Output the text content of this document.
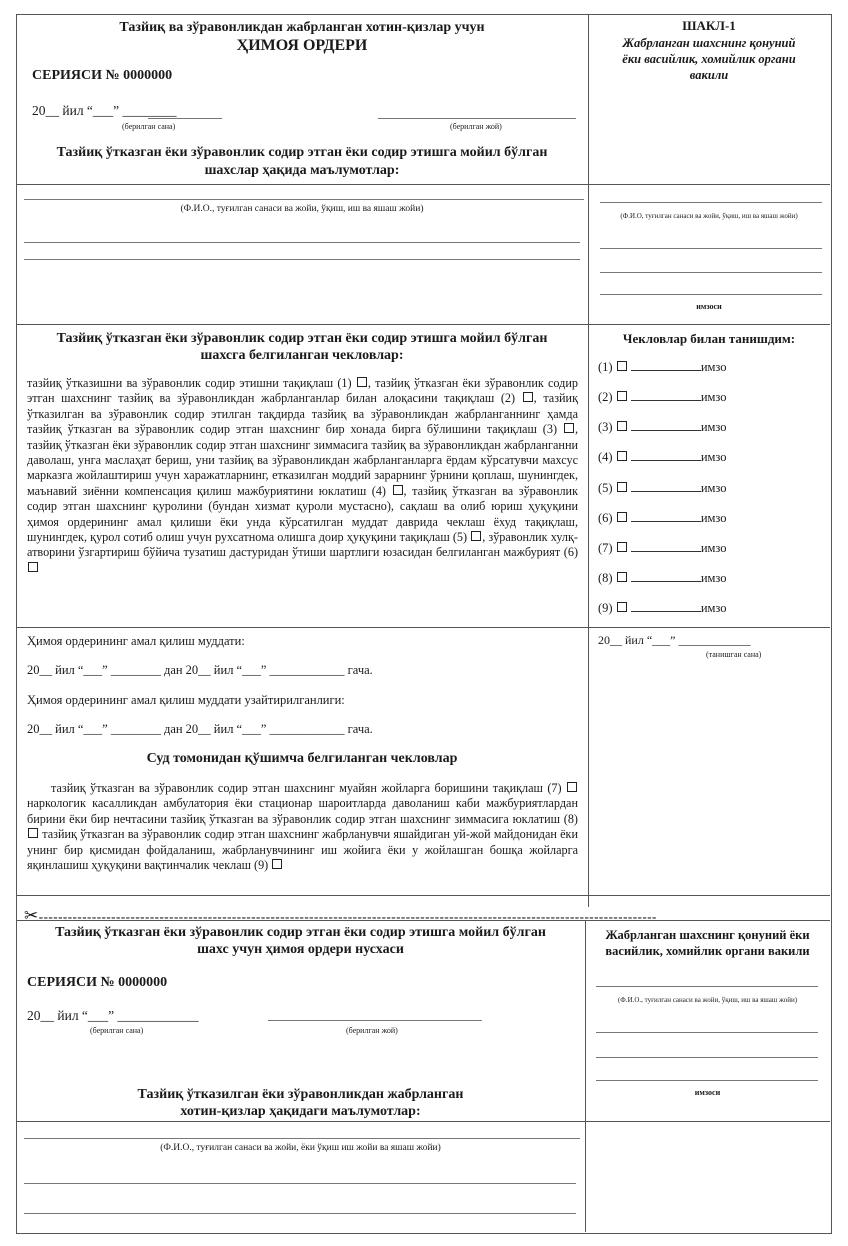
Тазйиқ ва зўравонликдан жабрланган хотин-қизлар учун
ҲИМОЯ ОРДЕРИ
СЕРИЯСИ № 0000000
20__ йил “___” ________
(берилган сана)	(берилган жой)
Тазйиқ ўтказган ёки зўравонлик содир этган ёки содир этишга мойил бўлган
шахслар ҳақида маълумотлар:
(Ф.И.О., туғилган санаси ва жойи, ўқиш, иш ва яшаш жойи)
ШАКЛ-1
Жабрланган шахснинг қонуний
ёки васийлик, хомийлик органи
вакили
(Ф.И.О, туғилган санаси ва жойи, ўқиш, иш ва яшаш жойи)
имзоси
Тазйиқ ўтказган ёки зўравонлик содир этган ёки содир этишга мойил бўлган
шахсга белгиланган чекловлар:
тазйиқ ўтказишни ва зўравонлик содир этишни тақиқлаш (1) , тазйиқ ўтказган ёки зўравонлик содир этган шахснинг тазйиқ ва зўравонликдан жабрланганлар билан алоқасини тақиқлаш (2) , тазйиқ ўтказилган ва зўравонлик содир этилган тақдирда тазйиқ ва зўравонликдан жабрланганнинг ҳамда тазйиқ ўтказган ва зўравонлик содир этган шахснинг бир хонада бирга бўлишини тақиқлаш (3) , тазйиқ ўтказган ёки зўравонлик содир этган шахснинг зиммасига тазйиқ ва зўравонликдан жабрланганни даволаш, унга маслаҳат бериш, уни тазйиқ ва зўравонликдан жабрланганларга ёрдам кўрсатувчи махсус марказга жойлаштириш учун харажатларнинг, етказилган моддий зарарнинг ўрнини қоплаш, шунингдек, маънавий зиённи компенсация қилиш мажбуриятини юклатиш (4) , тазйиқ ўтказган ва зўравонлик содир этган шахснинг қуролини (бундан хизмат қуроли мустасно), сақлаш ва олиб юриш ҳуқуқини ҳимоя ордерининг амал қилиши ёки унда кўрсатилган муддат даврида чеклаш ёхуд тақиқлаш, шунингдек, қурол сотиб олиш учун рухсатнома олишга доир ҳуқуқини тақиқлаш (5) , зўравонлик хулқ-атворини ўзгартириш бўйича тузатиш дастуридан ўтиши шартлиги юзасидан белгиланган мажбурият (6)
Чекловлар билан танишдим:
(1)	имзо
(2)	имзо
(3)	имзо
(4)	имзо
(5)	имзо
(6)	имзо
(7)	имзо
(8)	имзо
(9)	имзо
20__ йил “___” ____________
(танишган сана)
Ҳимоя ордерининг амал қилиш муддати:
20__ йил “___” ________ дан 20__ йил “___” ____________ гача.
Ҳимоя ордерининг амал қилиш муддати узайтирилганлиги:
20__ йил “___” ________ дан 20__ йил “___” ____________ гача.
Суд томонидан қўшимча белгиланган чекловлар
тазйиқ ўтказган ва зўравонлик содир этган шахснинг муайян жойларга боришини тақиқлаш (7)  наркологик касалликдан амбулатория ёки стационар шароитларда даволаниш каби мажбуриятлардан бирини ёки бир нечтасини тазйиқ ўтказган ва зўравонлик содир этган шахснинг зиммасига юклатиш (8)  тазйиқ ўтказган ва зўравонлик содир этган шахснинг жабрланувчи яшайдиган уй-жой майдонидан ёки унинг бир қисмидан фойдаланиш, жабрланувчининг иш жойига ёки у жойлашган бошқа жойларга яқинлашиш ҳуқуқини вақтинчалик чеклаш (9)
✂--------------------------------------------------------------------------------------------------------------------------------
Тазйиқ ўтказган ёки зўравонлик содир этган ёки содир этишга мойил бўлган
шахс учун ҳимоя ордери нусхаси
СЕРИЯСИ № 0000000
20__ йил “___” ____________
(берилган сана)	(берилган жой)
Тазйиқ ўтказилган ёки зўравонликдан жабрланган
хотин-қизлар ҳақидаги маълумотлар:
(Ф.И.О., туғилган санаси ва жойи, ёки ўқиш иш жойи ва яшаш жойи)
Жабрланган шахснинг қонуний ёки
васийлик, хомийлик органи вакили
(Ф.И.О., туғилган санаси ва жойи, ўқиш, иш ва яшаш жойи)
имзоси
